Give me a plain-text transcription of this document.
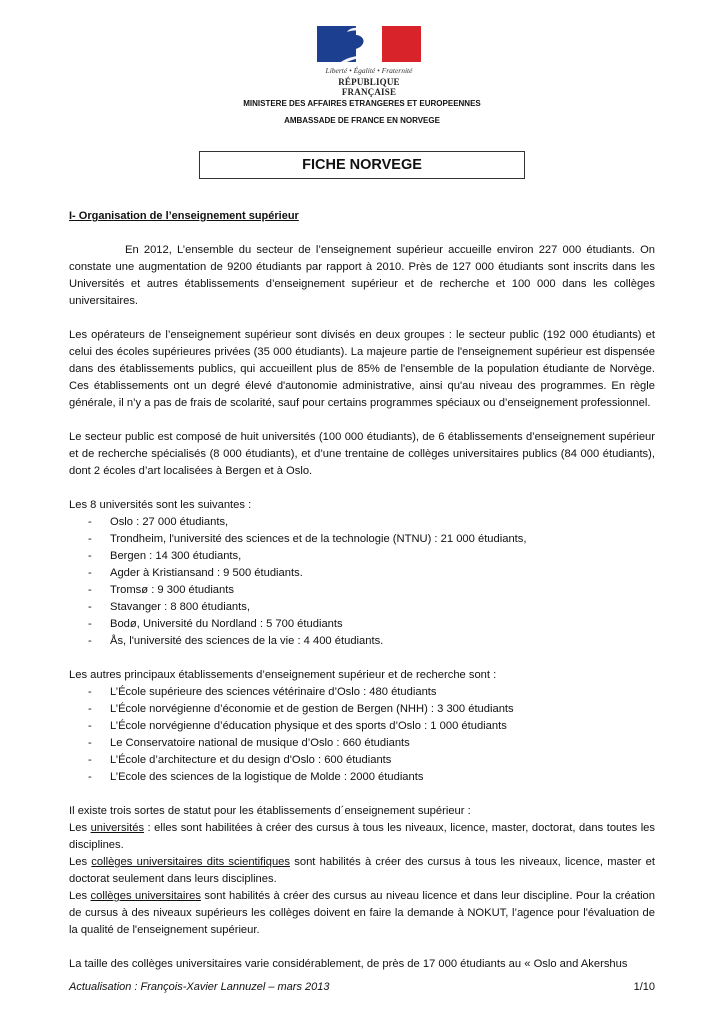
Liberté • Égalité • Fraternité
RÉPUBLIQUE FRANÇAISE
MINISTERE DES AFFAIRES ETRANGERES ET EUROPEENNES
AMBASSADE DE FRANCE EN NORVEGE
FICHE NORVEGE
I- Organisation de l’enseignement supérieur

En 2012, L’ensemble du secteur de l’enseignement supérieur accueille environ 227 000 étudiants. On constate une augmentation de 9200 étudiants par rapport à 2010. Près de 127 000 étudiants sont inscrits dans les Universités et autres établissements d’enseignement supérieur et de recherche et 100 000 dans les collèges universitaires.

Les opérateurs de l’enseignement supérieur sont divisés en deux groupes : le secteur public (192 000 étudiants) et celui des écoles supérieures privées (35 000 étudiants). La majeure partie de l'enseignement supérieur est dispensée dans des établissements publics, qui accueillent plus de 85% de l'ensemble de la population étudiante de Norvège. Ces établissements ont un degré élevé d'autonomie administrative, ainsi qu'au niveau des programmes. En règle générale, il n’y a pas de frais de scolarité, sauf pour certains programmes spéciaux ou d’enseignement professionnel.

Le secteur public est composé de huit universités (100 000 étudiants), de 6 établissements d’enseignement supérieur et de recherche spécialisés (8 000 étudiants), et d’une trentaine de collèges universitaires publics (84 000 étudiants), dont 2 écoles d’art localisées à Bergen et à Oslo.

Les 8 universités sont les suivantes :

- Oslo : 27 000 étudiants,
- Trondheim, l'université des sciences et de la technologie (NTNU) : 21 000 étudiants,
- Bergen : 14 300 étudiants,
- Agder à Kristiansand : 9 500 étudiants.
- Tromsø : 9 300 étudiants
- Stavanger : 8 800 étudiants,
- Bodø, Université du Nordland : 5 700 étudiants
- Ås, l'université des sciences de la vie : 4 400 étudiants.

Les autres principaux établissements d’enseignement supérieur et de recherche sont :

- L’École supérieure des sciences vétérinaire d’Oslo : 480 étudiants
- L’École norvégienne d’économie et de gestion de Bergen (NHH) : 3 300 étudiants
- L’École norvégienne d’éducation physique et des sports d’Oslo : 1 000 étudiants
- Le Conservatoire national de musique d’Oslo : 660 étudiants
- L’École d’architecture et du design d'Oslo : 600 étudiants
- L’Ecole des sciences de la logistique de Molde : 2000 étudiants

Il existe trois sortes de statut pour les établissements d´enseignement supérieur :

Les universités : elles sont habilitées à créer des cursus à tous les niveaux, licence, master, doctorat, dans toutes les disciplines.

Les collèges universitaires dits scientifiques sont habilités à créer des cursus à tous les niveaux, licence, master et doctorat seulement dans leurs disciplines.

Les collèges universitaires sont habilités à créer des cursus au niveau licence et dans leur discipline. Pour la création de cursus à des niveaux supérieurs les collèges doivent en faire la demande à NOKUT, l’agence pour l'évaluation de la qualité de l'enseignement supérieur.

La taille des collèges universitaires varie considérablement, de près de 17 000 étudiants au « Oslo and Akershus

Actualisation : François-Xavier Lannuzel – mars 2013	1/10
